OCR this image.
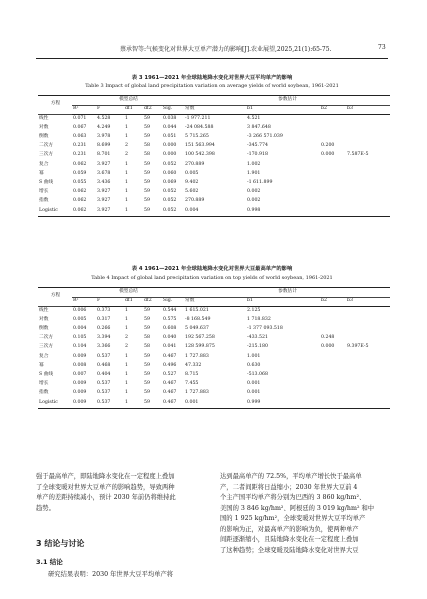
蔡承智等:气候变化对世界大豆单产潜力的影响[J].农业展望,2025,21(1):65-75.	73
表 3 1961—2021 年全球陆地降水变化对世界大豆平均单产的影响
Table 3 Impact of global land precipitation variation on average yields of world soybean, 1961-2021
方程	模型总结					参数估计			
	R²	F	df1	df2	Sig.	常数	b1	b2	b3
线性	0.071	4.528	1	59	0.038	-1 977.211	4.521		
对数	0.067	4.249	1	59	0.044	-24 084.588	3 847.648		
倒数	0.063	3.978	1	59	0.051	5 715.265	-3 266 571.039		
二次方	0.231	8.699	2	58	0.000	151 563.994	-345.774	0.200	
三次方	0.231	8.701	2	58	0.000	100 542.398	-170.918	0.000	7.587E-5
复合	0.062	3.927	1	59	0.052	270.889	1.002		
幂	0.059	3.678	1	59	0.060	0.005	1.901		
S 曲线	0.055	3.436	1	59	0.069	9.402	-1 611.899		
增长	0.062	3.927	1	59	0.052	5.602	0.002		
指数	0.062	3.927	1	59	0.052	270.889	0.002		
Logistic	0.062	3.927	1	59	0.052	0.004	0.998		
表 4 1961—2021 年全球陆地降水变化对世界大豆最高单产的影响
Table 4 Impact of global land precipitation variation on top yields of world soybean, 1961-2021
方程	模型总结					参数估计			
	R²	F	df1	df2	Sig.	常数	b1	b2	b3
线性	0.006	0.373	1	59	0.544	1 615.021	2.125		
对数	0.005	0.317	1	59	0.575	-8 168.549	1 718.832		
倒数	0.004	0.266	1	59	0.608	5 049.637	-1 377 093.518		
二次方	0.105	3.394	2	58	0.040	192 567.258	-433.521	0.248	
三次方	0.104	3.366	2	58	0.041	128 599.875	-215.180	0.000	9.397E-5
复合	0.009	0.537	1	59	0.467	1 727.883	1.001		
幂	0.008	0.468	1	59	0.496	47.332	0.630		
S 曲线	0.007	0.404	1	59	0.527	8.715	-513.068		
增长	0.009	0.537	1	59	0.467	7.455	0.001		
指数	0.009	0.537	1	59	0.467	1 727.883	0.001		
Logistic	0.009	0.537	1	59	0.467	0.001	0.999		
强于最高单产，即陆地降水变化在一定程度上叠加
了全球变暖对世界大豆单产的影响趋势，导致两种
单产的差距持续减小，预计 2030 年前仍将维持此
趋势。
3 结论与讨论
3.1 结论
研究结果表明：2030 年世界大豆平均单产将
达到最高单产的 72.5%，平均单产增长快于最高单
产，二者间距将日益缩小；2030 年世界大豆前 4
个主产国平均单产将分别为巴西的 3 860 kg/hm²、
美国的 3 846 kg/hm²、阿根廷的 3 019 kg/hm² 和中
国的 1 925 kg/hm²，全球变暖对世界大豆平均单产
的影响为正，对最高单产的影响为负，使两种单产
间距逐渐缩小，且陆地降水变化在一定程度上叠加
了这种趋势；全球变暖及陆地降水变化对世界大豆
